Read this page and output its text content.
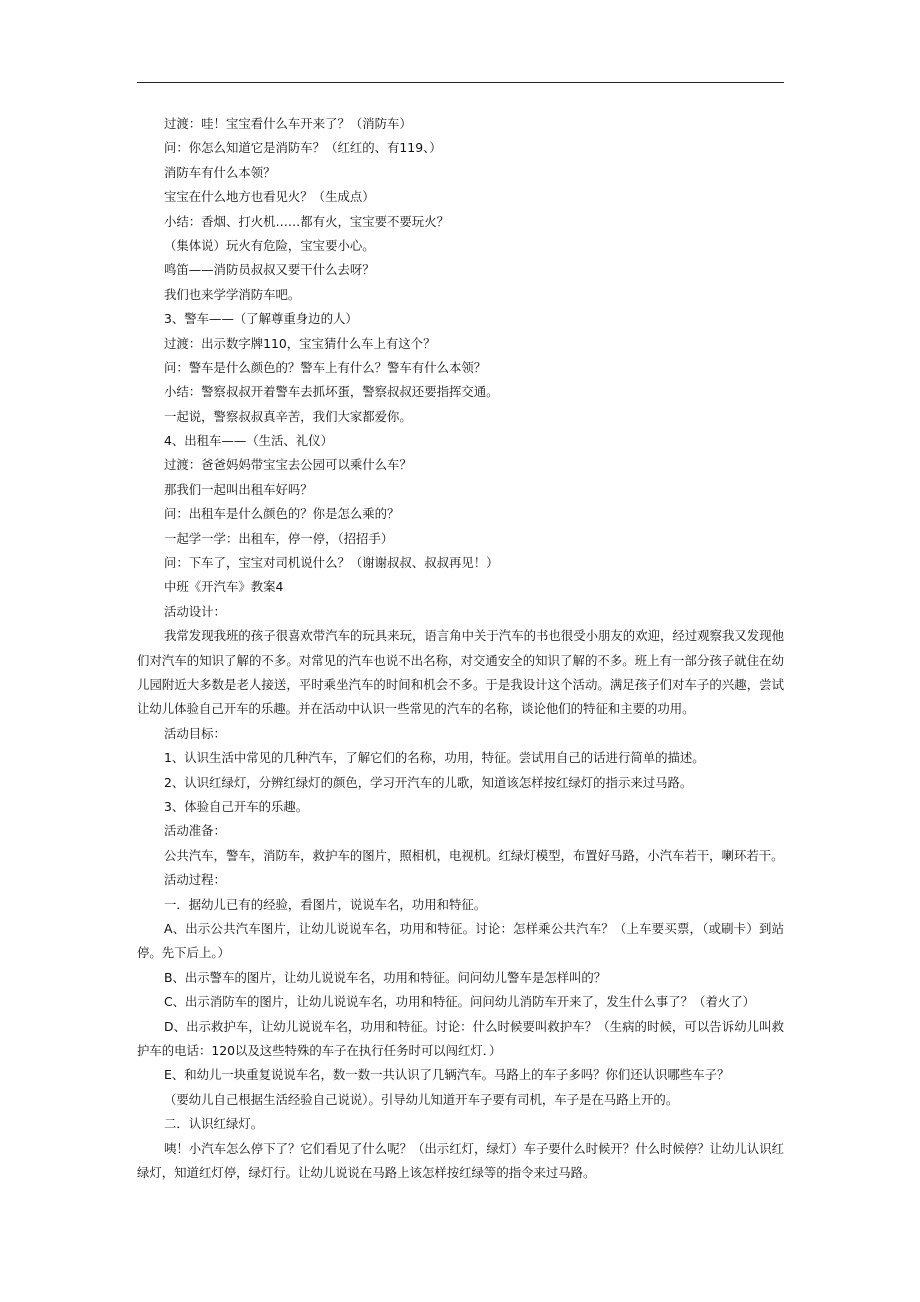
过渡：哇！宝宝看什么车开来了？（消防车）
问：你怎么知道它是消防车？（红红的、有119、）
消防车有什么本领？
宝宝在什么地方也看见火？（生成点）
小结：香烟、打火机……都有火，宝宝要不要玩火？
（集体说）玩火有危险，宝宝要小心。
鸣笛——消防员叔叔又要干什么去呀？
我们也来学学消防车吧。
3、警车——（了解尊重身边的人）
过渡：出示数字牌110，宝宝猜什么车上有这个？
问：警车是什么颜色的？警车上有什么？警车有什么本领？
小结：警察叔叔开着警车去抓坏蛋，警察叔叔还要指挥交通。
一起说，警察叔叔真辛苦，我们大家都爱你。
4、出租车——（生活、礼仪）
过渡：爸爸妈妈带宝宝去公园可以乘什么车？
那我们一起叫出租车好吗？
问：出租车是什么颜色的？你是怎么乘的？
一起学一学：出租车，停一停，（招招手）
问：下车了，宝宝对司机说什么？（谢谢叔叔、叔叔再见！）
中班《开汽车》教案4
活动设计：
我常发现我班的孩子很喜欢带汽车的玩具来玩，语言角中关于汽车的书也很受小朋友的欢迎，经过观察我又发现他们对汽车的知识了解的不多。对常见的汽车也说不出名称，对交通安全的知识了解的不多。班上有一部分孩子就住在幼儿园附近大多数是老人接送，平时乘坐汽车的时间和机会不多。于是我设计这个活动。满足孩子们对车子的兴趣，尝试让幼儿体验自己开车的乐趣。并在活动中认识一些常见的汽车的名称，谈论他们的特征和主要的功用。
活动目标：
1、认识生活中常见的几种汽车，了解它们的名称，功用，特征。尝试用自己的话进行简单的描述。
2、认识红绿灯，分辨红绿灯的颜色，学习开汽车的儿歌，知道该怎样按红绿灯的指示来过马路。
3、体验自己开车的乐趣。
活动准备：
公共汽车，警车，消防车，救护车的图片，照相机，电视机。红绿灯模型，布置好马路，小汽车若干，喇环若干。
活动过程：
一．据幼儿已有的经验，看图片，说说车名，功用和特征。
A、出示公共汽车图片，让幼儿说说车名，功用和特征。讨论：怎样乘公共汽车？（上车要买票，（或刷卡）到站停。先下后上。）
B、出示警车的图片，让幼儿说说车名，功用和特征。问问幼儿警车是怎样叫的？
C、出示消防车的图片，让幼儿说说车名，功用和特征。问问幼儿消防车开来了，发生什么事了？（着火了）
D、出示救护车，让幼儿说说车名，功用和特征。讨论：什么时候要叫救护车？（生病的时候，可以告诉幼儿叫救护车的电话：120以及这些特殊的车子在执行任务时可以闯红灯．）
E、和幼儿一块重复说说车名，数一数一共认识了几辆汽车。马路上的车子多吗？你们还认识哪些车子？
（要幼儿自己根据生活经验自己说说）。引导幼儿知道开车子要有司机，车子是在马路上开的。
二．认识红绿灯。
咦！小汽车怎么停下了？它们看见了什么呢？（出示红灯，绿灯）车子要什么时候开？什么时候停？让幼儿认识红绿灯，知道红灯停，绿灯行。让幼儿说说在马路上该怎样按红绿等的指令来过马路。
